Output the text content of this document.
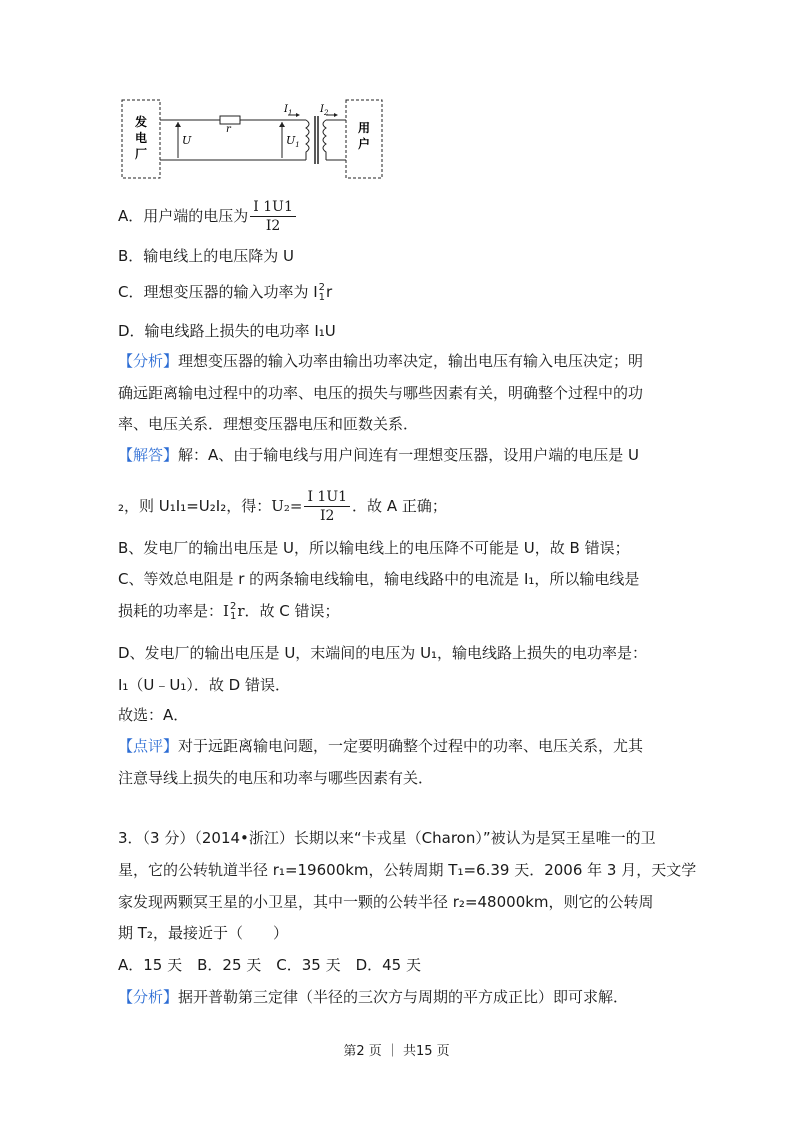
发
电
厂
U
r
$U_1$
$I_1$	$I_2$
用
户
A．用户端的电压为 $\frac{I 1U1}{I2}$
B．输电线上的电压降为 U
C．理想变压器的输入功率为 I 2
1 r
D．输电线路上损失的电功率 I₁U
【分析】理想变压器的输入功率由输出功率决定，输出电压有输入电压决定；明
确远距离输电过程中的功率、电压的损失与哪些因素有关，明确整个过程中的功
率、电压关系．理想变压器电压和匝数关系．
【解答】解：A、由于输电线与用户间连有一理想变压器，设用户端的电压是 U
₂，则 U₁I₁=U₂I₂，得：$U_2= \frac{I 1U1}{I2}$ ．故 A 正确；
B、发电厂的输出电压是 U，所以输电线上的电压降不可能是 U，故 B 错误；
C、等效总电阻是 r 的两条输电线输电，输电线路中的电流是 I₁，所以输电线是
损耗的功率是：I 2
1 r．故 C 错误；
D、发电厂的输出电压是 U，末端间的电压为 U₁，输电线路上损失的电功率是：
I₁（U﹣U₁）．故 D 错误．
故选：A．
【点评】对于远距离输电问题，一定要明确整个过程中的功率、电压关系，尤其
注意导线上损失的电压和功率与哪些因素有关．
3．（3 分）（2014•浙江）长期以来“卡戎星（Charon）”被认为是冥王星唯一的卫
星，它的公转轨道半径 r₁=19600km，公转周期 T₁=6.39 天．2006 年 3 月，天文学
家发现两颗冥王星的小卫星，其中一颗的公转半径 r₂=48000km，则它的公转周
期 T₂，最接近于（　　）
A．15 天　B．25 天　C．35 天　D．45 天
【分析】据开普勒第三定律（半径的三次方与周期的平方成正比）即可求解．
第2 页 ｜ 共15 页
